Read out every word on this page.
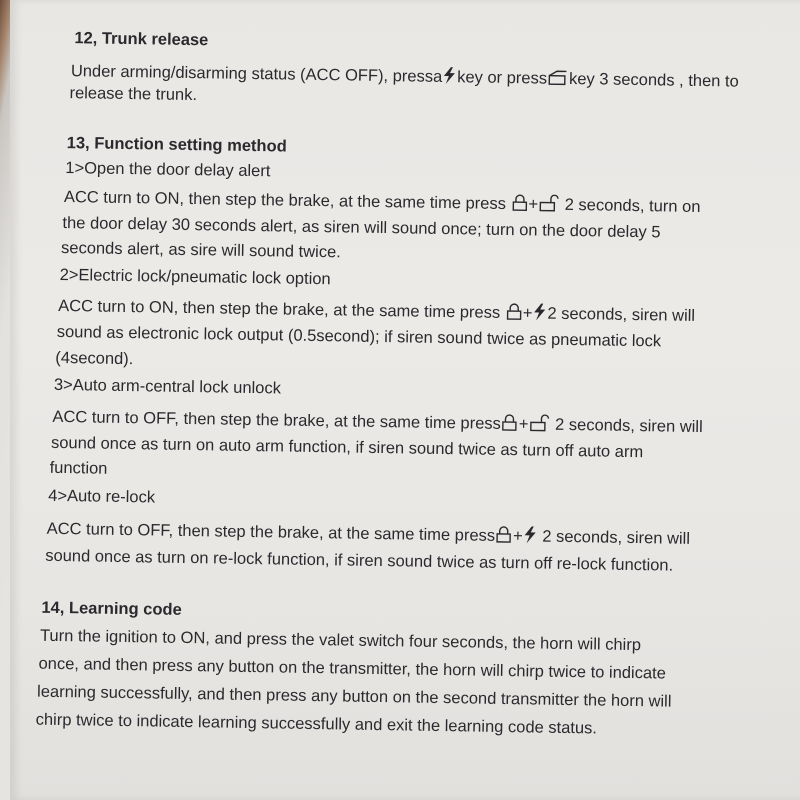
12, Trunk release
Under arming/disarming status (ACC OFF), pressa key or press key 3 seconds , then to
release the trunk.
13, Function setting method
1>Open the door delay alert
ACC turn to ON, then step the brake, at the same time press + 2 seconds, turn on
the door delay 30 seconds alert, as siren will sound once; turn on the door delay 5
seconds alert, as sire will sound twice.
2>Electric lock/pneumatic lock option
ACC turn to ON, then step the brake, at the same time press + 2 seconds, siren will
sound as electronic lock output (0.5second); if siren sound twice as pneumatic lock
(4second).
3>Auto arm-central lock unlock
ACC turn to OFF, then step the brake, at the same time press + 2 seconds, siren will
sound once as turn on auto arm function, if siren sound twice as turn off auto arm
function
4>Auto re-lock
ACC turn to OFF, then step the brake, at the same time press + 2 seconds, siren will
sound once as turn on re-lock function, if siren sound twice as turn off re-lock function.
14, Learning code
Turn the ignition to ON, and press the valet switch four seconds, the horn will chirp
once, and then press any button on the transmitter, the horn will chirp twice to indicate
learning successfully, and then press any button on the second transmitter the horn will
chirp twice to indicate learning successfully and exit the learning code status.
